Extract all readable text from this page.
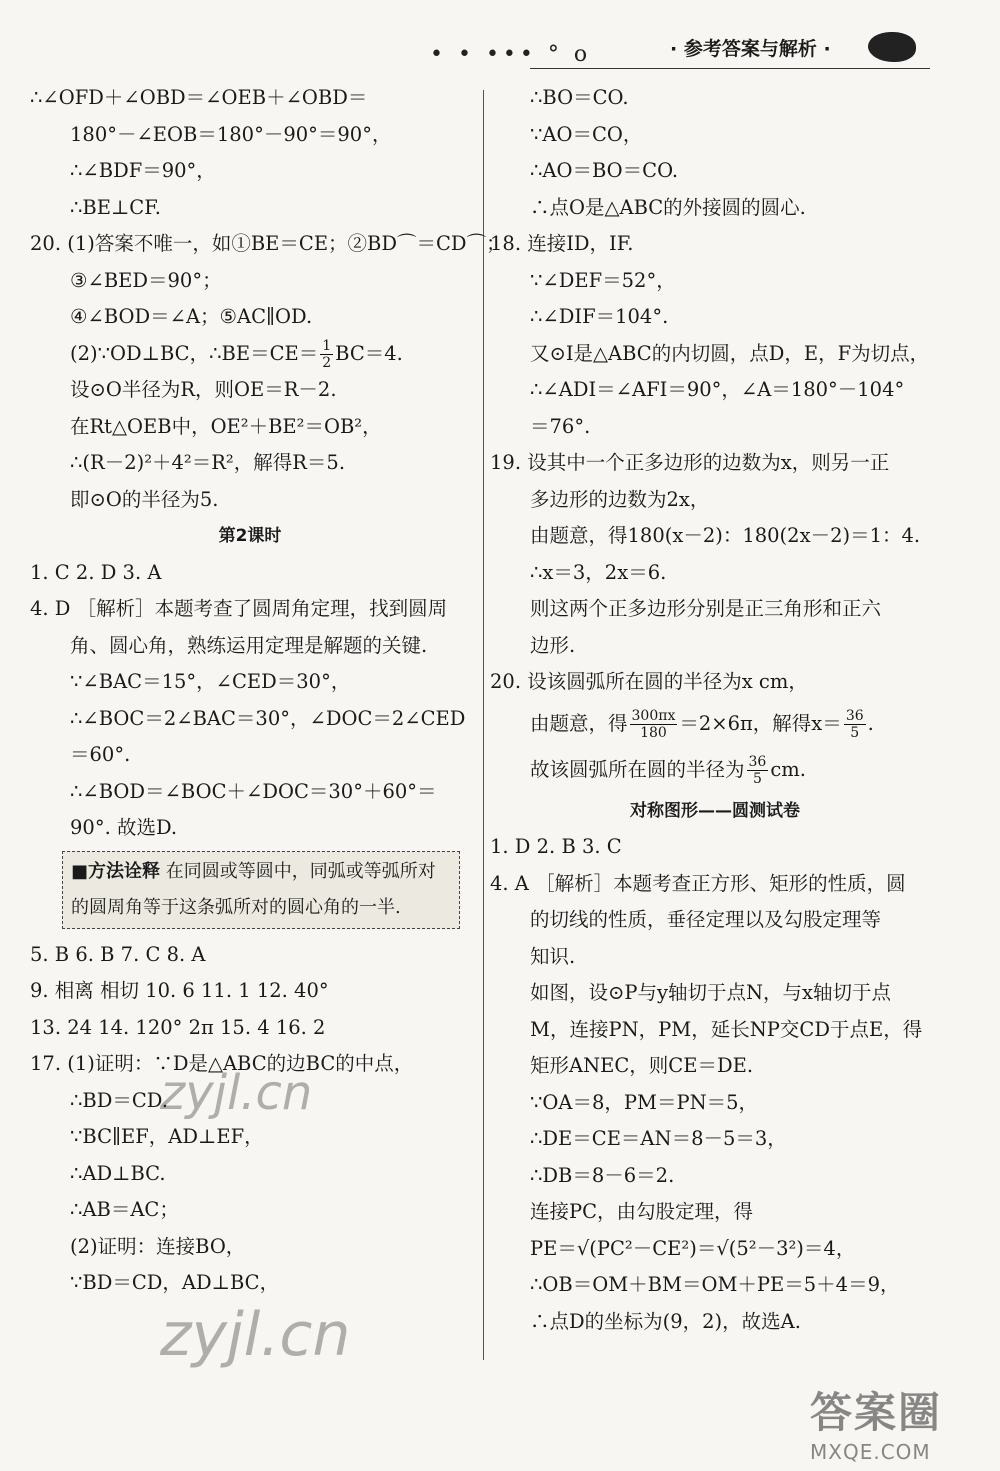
• • ••• ° o	· 参考答案与解析 ·
∴∠OFD＋∠OBD＝∠OEB＋∠OBD＝
180°－∠EOB＝180°－90°＝90°，
∴∠BDF＝90°，
∴BE⊥CF.
20. (1)答案不唯一，如①BE＝CE；②BD⌒＝CD⌒；
③∠BED＝90°；
④∠BOD＝∠A；⑤AC∥OD.
(2)∵OD⊥BC，∴BE＝CE＝ $\frac{1}{2} BC=4$.
设⊙O半径为R，则OE＝R－2.
在Rt△OEB中，OE²＋BE²＝OB²，
∴(R－2)²＋4²＝R²，解得R＝5.
即⊙O的半径为5.
第2课时
1. C 2. D 3. A
4. D ［解析］本题考查了圆周角定理，找到圆周
角、圆心角，熟练运用定理是解题的关键.
∵∠BAC＝15°，∠CED＝30°，
∴∠BOC＝2∠BAC＝30°，∠DOC＝2∠CED
＝60°.
∴∠BOD＝∠BOC＋∠DOC＝30°＋60°＝
90°. 故选D.
■方法诠释 在同圆或等圆中，同弧或等弧所对的圆周角等于这条弧所对的圆心角的一半.
5. B 6. B 7. C 8. A
9. 相离 相切 10. 6 11. 1 12. 40°
13. 24 14. 120° 2π 15. 4 16. 2
17. (1)证明：∵D是△ABC的边BC的中点，
∴BD＝CD.
∵BC∥EF，AD⊥EF，
∴AD⊥BC.
∴AB＝AC；
(2)证明：连接BO，
∵BD＝CD，AD⊥BC，
∴BO＝CO.
∵AO＝CO，
∴AO＝BO＝CO.
∴点O是△ABC的外接圆的圆心.
18. 连接ID，IF.
∵∠DEF＝52°，
∴∠DIF＝104°.
又⊙I是△ABC的内切圆，点D，E，F为切点，
∴∠ADI＝∠AFI＝90°，∠A＝180°－104°
＝76°.
19. 设其中一个正多边形的边数为x，则另一正
多边形的边数为2x，
由题意，得180(x－2)：180(2x－2)＝1：4.
∴x＝3，2x＝6.
则这两个正多边形分别是正三角形和正六
边形.
20. 设该圆弧所在圆的半径为x cm，
由题意，得 $\frac{300\pi x}{180} =2\times 6\pi$，解得$x= \frac{36}{5}$ .
故该圆弧所在圆的半径为 $\frac{36}{5}$ cm.
对称图形——圆测试卷
1. D 2. B 3. C
4. A ［解析］本题考查正方形、矩形的性质，圆
的切线的性质，垂径定理以及勾股定理等
知识.
如图，设⊙P与y轴切于点N，与x轴切于点
M，连接PN，PM，延长NP交CD于点E，得
矩形ANEC，则CE＝DE.
∵OA＝8，PM＝PN＝5，
∴DE＝CE＝AN＝8－5＝3，
∴DB＝8－6＝2.
连接PC，由勾股定理，得
PE＝√(PC²－CE²)＝√(5²－3²)＝4，
∴OB＝OM＋BM＝OM＋PE＝5＋4＝9，
∴点D的坐标为(9，2)，故选A.
zyjl.cn
zyjl.cn
答案圈
MXQE.COM
